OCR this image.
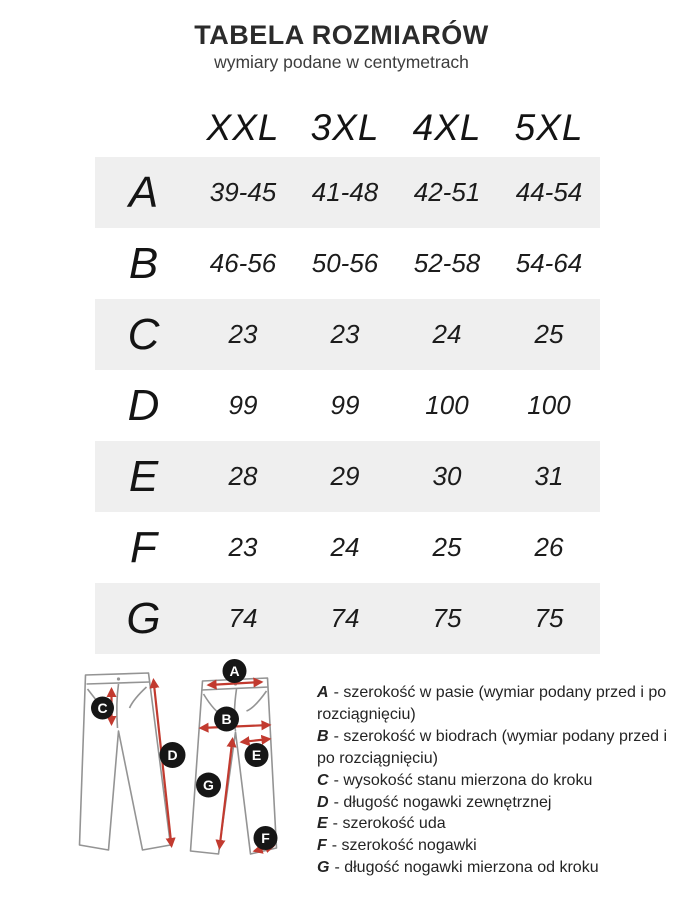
TABELA ROZMIARÓW
wymiary podane w centymetrach
XXL 3XL 4XL 5XL
A	39-45	41-48	42-51	44-54
B	46-56	50-56	52-58	54-64
C	23	23	24	25
D	99	99	100	100
E	28	29	30	31
F	23	24	25	26
G	74	74	75	75
A
B
C
D	E
F
G
A - szerokość w pasie (wymiar podany przed i po rozciągnięciu)
B - szerokość w biodrach (wymiar podany przed i po rozciągnięciu)
C - wysokość stanu mierzona do kroku
D - długość nogawki zewnętrznej
E - szerokość uda
F - szerokość nogawki
G - długość nogawki mierzona od kroku
